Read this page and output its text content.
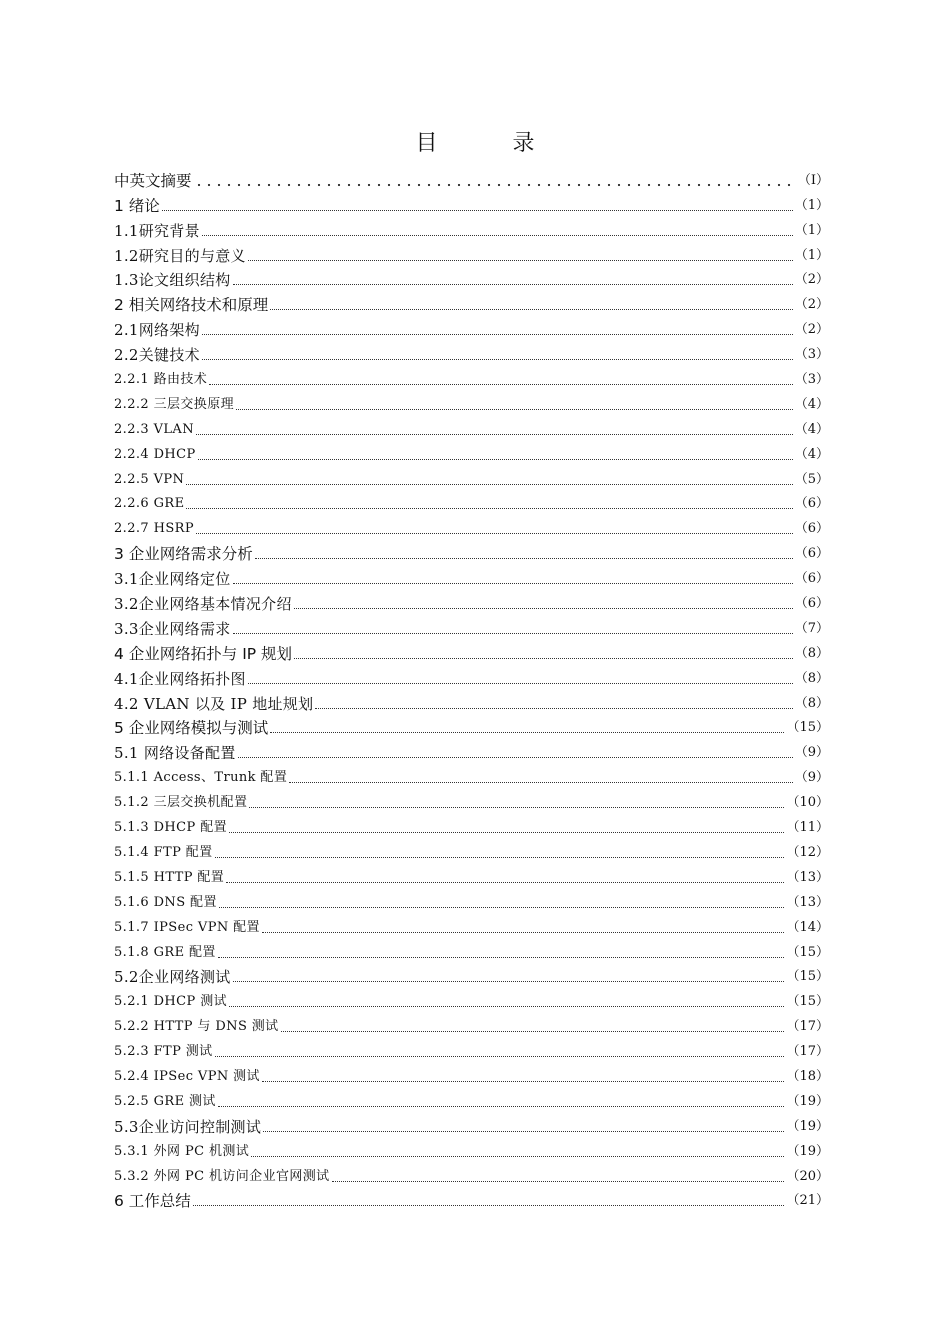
目 录
中英文摘要	（I）
1 绪论	（1）
1.1研究背景	（1）
1.2研究目的与意义	（1）
1.3论文组织结构	（2）
2 相关网络技术和原理	（2）
2.1网络架构	（2）
2.2关键技术	（3）
2.2.1 路由技术	（3）
2.2.2 三层交换原理	（4）
2.2.3 VLAN	（4）
2.2.4 DHCP	（4）
2.2.5 VPN	（5）
2.2.6 GRE	（6）
2.2.7 HSRP	（6）
3 企业网络需求分析	（6）
3.1企业网络定位	（6）
3.2企业网络基本情况介绍	（6）
3.3企业网络需求	（7）
4 企业网络拓扑与 IP 规划	（8）
4.1企业网络拓扑图	（8）
4.2 VLAN 以及 IP 地址规划	（8）
5 企业网络模拟与测试	（15）
5.1 网络设备配置	（9）
5.1.1 Access、Trunk 配置	（9）
5.1.2 三层交换机配置	（10）
5.1.3 DHCP 配置	（11）
5.1.4 FTP 配置	（12）
5.1.5 HTTP 配置	（13）
5.1.6 DNS 配置	（13）
5.1.7 IPSec VPN 配置	（14）
5.1.8 GRE 配置	（15）
5.2企业网络测试	（15）
5.2.1 DHCP 测试	（15）
5.2.2 HTTP 与 DNS 测试	（17）
5.2.3 FTP 测试	（17）
5.2.4 IPSec VPN 测试	（18）
5.2.5 GRE 测试	（19）
5.3企业访问控制测试	（19）
5.3.1 外网 PC 机测试	（19）
5.3.2 外网 PC 机访问企业官网测试	（20）
6 工作总结	（21）
